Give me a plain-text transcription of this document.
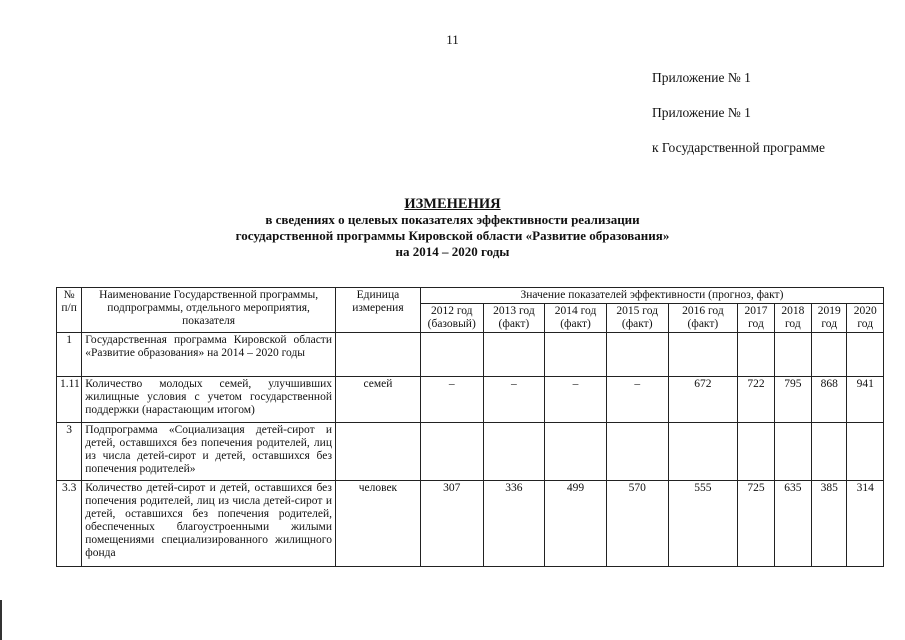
11
Приложение № 1
Приложение № 1
к Государственной программе
ИЗМЕНЕНИЯ
в сведениях о целевых показателях эффективности реализации
государственной программы Кировской области «Развитие образования»
на 2014 – 2020 годы
№ п/п	Наименование Государственной программы, подпрограммы, отдельного мероприятия, показателя	Единица измерения	Значение показателей эффективности (прогноз, факт)								
			2012 год (базовый)	2013 год (факт)	2014 год (факт)	2015 год (факт)	2016 год (факт)	2017 год	2018 год	2019 год	2020 год
1	Государственная программа Кировской области «Развитие образования» на 2014 – 2020 годы										
1.11	Количество молодых семей, улучшивших жилищные условия с учетом государственной поддержки (нарастающим итогом)	семей	–	–	–	–	672	722	795	868	941
3	Подпрограмма «Социализация детей-сирот и детей, оставшихся без попечения родителей, лиц из числа детей-сирот и детей, оставшихся без попечения родителей»										
3.3	Количество детей-сирот и детей, оставшихся без попечения родителей, лиц из числа детей-сирот и детей, оставшихся без попечения родителей, обеспеченных благоустроенными жилыми помещениями специализированного жилищного фонда	человек	307	336	499	570	555	725	635	385	314
